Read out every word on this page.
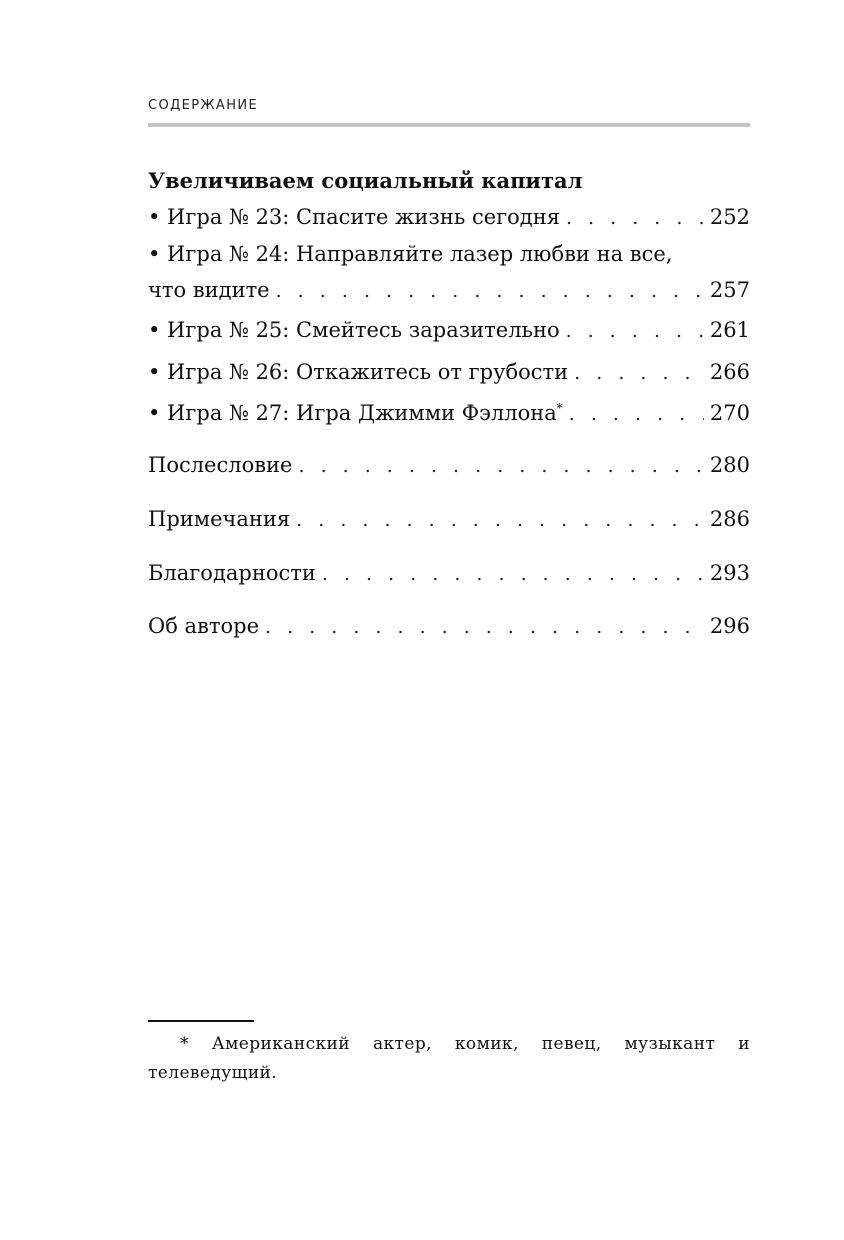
СОДЕРЖАНИЕ
Увеличиваем социальный капитал
• Игра № 23: Спасите жизнь сегодня . . .	252
• Игра № 24: Направляйте лазер любви на все,
что видите . . .	257
• Игра № 25: Смейтесь заразительно . . .	261
• Игра № 26: Откажитесь от грубости . . .	266
• Игра № 27: Игра Джимми Фэллона* . . .	270
Послесловие . . .	280
Примечания . . .	286
Благодарности . . .	293
Об авторе . . .	296
* Американский актер, комик, певец, музыкант и телеведущий.
